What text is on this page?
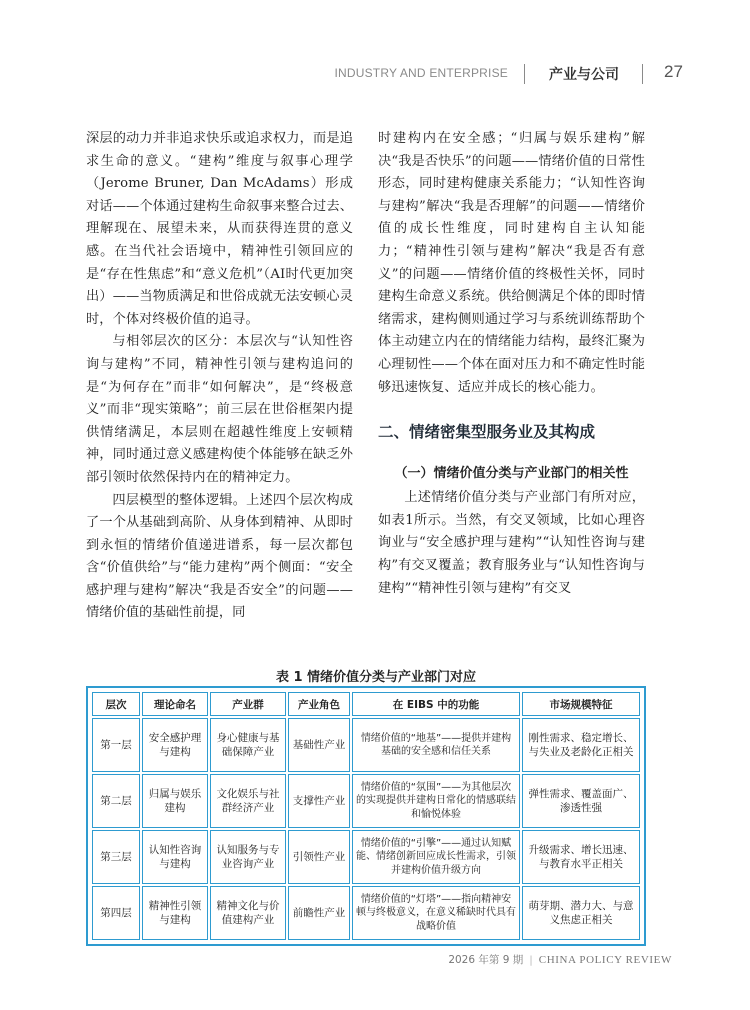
INDUSTRY AND ENTERPRISE	产业与公司	27

深层的动力并非追求快乐或追求权力，而是追求生命的意义。“建构”维度与叙事心理学（Jerome Bruner, Dan McAdams）形成对话——个体通过建构生命叙事来整合过去、理解现在、展望未来，从而获得连贯的意义感。在当代社会语境中，精神性引领回应的是“存在性焦虑”和“意义危机”（AI时代更加突出）——当物质满足和世俗成就无法安顿心灵时，个体对终极价值的追寻。

与相邻层次的区分：本层次与“认知性咨询与建构”不同，精神性引领与建构追问的是“为何存在”而非“如何解决”，是“终极意义”而非“现实策略”；前三层在世俗框架内提供情绪满足，本层则在超越性维度上安顿精神，同时通过意义感建构使个体能够在缺乏外部引领时依然保持内在的精神定力。

四层模型的整体逻辑。上述四个层次构成了一个从基础到高阶、从身体到精神、从即时到永恒的情绪价值递进谱系，每一层次都包含“价值供给”与“能力建构”两个侧面：“安全感护理与建构”解决“我是否安全”的问题——情绪价值的基础性前提，同

时建构内在安全感；“归属与娱乐建构”解决“我是否快乐”的问题——情绪价值的日常性形态，同时建构健康关系能力；“认知性咨询与建构”解决“我是否理解”的问题——情绪价值的成长性维度，同时建构自主认知能力；“精神性引领与建构”解决“我是否有意义”的问题——情绪价值的终极性关怀，同时建构生命意义系统。供给侧满足个体的即时情绪需求，建构侧则通过学习与系统训练帮助个体主动建立内在的情绪能力结构，最终汇聚为心理韧性——个体在面对压力和不确定性时能够迅速恢复、适应并成长的核心能力。

二、情绪密集型服务业及其构成
（一）情绪价值分类与产业部门的相关性

上述情绪价值分类与产业部门有所对应，如表1所示。当然，有交叉领域，比如心理咨询业与“安全感护理与建构”“认知性咨询与建构”有交叉覆盖；教育服务业与“认知性咨询与建构”“精神性引领与建构”有交叉

表 1 情绪价值分类与产业部门对应
层次	理论命名	产业群	产业角色	在 EIBS 中的功能	市场规模特征
第一层	安全感护理与建构	身心健康与基础保障产业	基础性产业	情绪价值的“地基”——提供并建构基础的安全感和信任关系	刚性需求、稳定增长、与失业及老龄化正相关
第二层	归属与娱乐建构	文化娱乐与社群经济产业	支撑性产业	情绪价值的“氛围”——为其他层次的实现提供并建构日常化的情感联结和愉悦体验	弹性需求、覆盖面广、渗透性强
第三层	认知性咨询与建构	认知服务与专业咨询产业	引领性产业	情绪价值的“引擎”——通过认知赋能、情绪创新回应成长性需求，引领并建构价值升级方向	升级需求、增长迅速、与教育水平正相关
第四层	精神性引领与建构	精神文化与价值建构产业	前瞻性产业	情绪价值的“灯塔”——指向精神安顿与终极意义，在意义稀缺时代具有战略价值	萌芽期、潜力大、与意义焦虑正相关
2026 年第 9 期 | CHINA POLICY REVIEW
